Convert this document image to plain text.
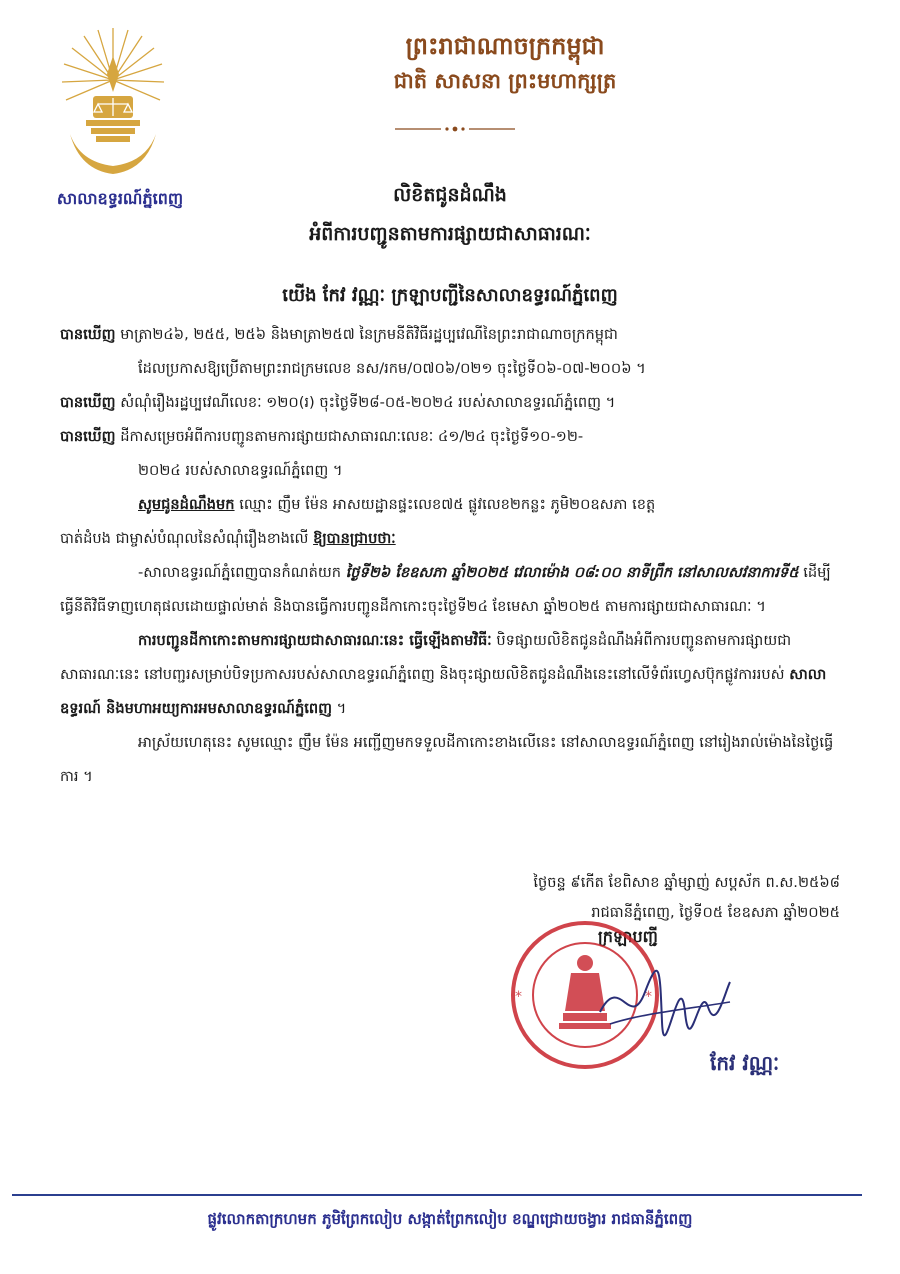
សាលាឧទ្ធរណ៍ភ្នំពេញ
ព្រះរាជាណាចក្រកម្ពុជា
ជាតិ សាសនា ព្រះមហាក្សត្រ
លិខិតជូនដំណឹង
អំពីការបញ្ជូនតាមការផ្សាយជាសាធារណៈ
យើង កែវ វណ្ណៈ ក្រឡាបញ្ជីនៃសាលាឧទ្ធរណ៍ភ្នំពេញ

បានឃើញ មាត្រា២៤៦, ២៥៥, ២៥៦ និងមាត្រា២៥៧ នៃក្រមនីតិវិធីរដ្ឋប្បវេណីនៃព្រះរាជាណាចក្រកម្ពុជា

ដែលប្រកាសឱ្យប្រើតាមព្រះរាជក្រមលេខ នស/រកម/០៧០៦/០២១ ចុះថ្ងៃទី០៦-០៧-២០០៦ ។

បានឃើញ សំណុំរឿងរដ្ឋប្បវេណីលេខៈ ១២០(រ) ចុះថ្ងៃទី២៨-០៥-២០២៤ របស់សាលាឧទ្ធរណ៍ភ្នំពេញ ។

បានឃើញ ដីកាសម្រេចអំពីការបញ្ជូនតាមការផ្សាយជាសាធារណៈលេខៈ ៤១/២៤ ចុះថ្ងៃទី១០-១២-

២០២៤ របស់សាលាឧទ្ធរណ៍ភ្នំពេញ ។

សូមជូនដំណឹងមក ឈ្មោះ ញឹម ម៉ែន អាសយដ្ឋានផ្ទះលេខ៧៥ ផ្លូវលេខ២កន្លះ ភូមិ២០ឧសភា ខេត្ត

បាត់ដំបង ជាម្ចាស់បំណុលនៃសំណុំរឿងខាងលើ ឱ្យបានជ្រាបថាៈ

-សាលាឧទ្ធរណ៍ភ្នំពេញបានកំណត់យក ថ្ងៃទី២៦ ខែឧសភា ឆ្នាំ២០២៥ វេលាម៉ោង ០៨:០០ នាទីព្រឹក នៅសាលសវនាការទី៥ ដើម្បីធ្វើនីតិវិធីទាញហេតុផលដោយផ្ទាល់មាត់ និងបានធ្វើការបញ្ជូនដីកាកោះចុះថ្ងៃទី២៤ ខែមេសា ឆ្នាំ២០២៥ តាមការផ្សាយជាសាធារណៈ ។

ការបញ្ជូនដីកាកោះតាមការផ្សាយជាសាធារណៈនេះ ធ្វើឡើងតាមវិធីៈ បិទផ្សាយលិខិតជូនដំណឹងអំពីការបញ្ជូនតាមការផ្សាយជាសាធារណៈនេះ នៅបញ្ជរសម្រាប់បិទប្រកាសរបស់សាលាឧទ្ធរណ៍ភ្នំពេញ និងចុះផ្សាយលិខិតជូនដំណឹងនេះនៅលើទំព័រហ្វេសប៊ុកផ្លូវការរបស់ សាលាឧទ្ធរណ៍ និងមហាអយ្យការអមសាលាឧទ្ធរណ៍ភ្នំពេញ ។

អាស្រ័យហេតុនេះ សូមឈ្មោះ ញឹម ម៉ែន អញ្ជើញមកទទួលដីកាកោះខាងលើនេះ នៅសាលាឧទ្ធរណ៍ភ្នំពេញ នៅរៀងរាល់ម៉ោងនៃថ្ងៃធ្វើការ ។

ថ្ងៃចន្ទ ៩កើត ខែពិសាខ ឆ្នាំម្សាញ់ សប្តស័ក ព.ស.២៥៦៨
រាជធានីភ្នំពេញ, ថ្ងៃទី០៥ ខែឧសភា ឆ្នាំ២០២៥
ក្រឡាបញ្ជី
*	*
កែវ វណ្ណៈ
ផ្លូវលោកតាក្រហមក ភូមិព្រែកលៀប សង្កាត់ព្រែកលៀប ខណ្ឌជ្រោយចង្វារ រាជធានីភ្នំពេញ
